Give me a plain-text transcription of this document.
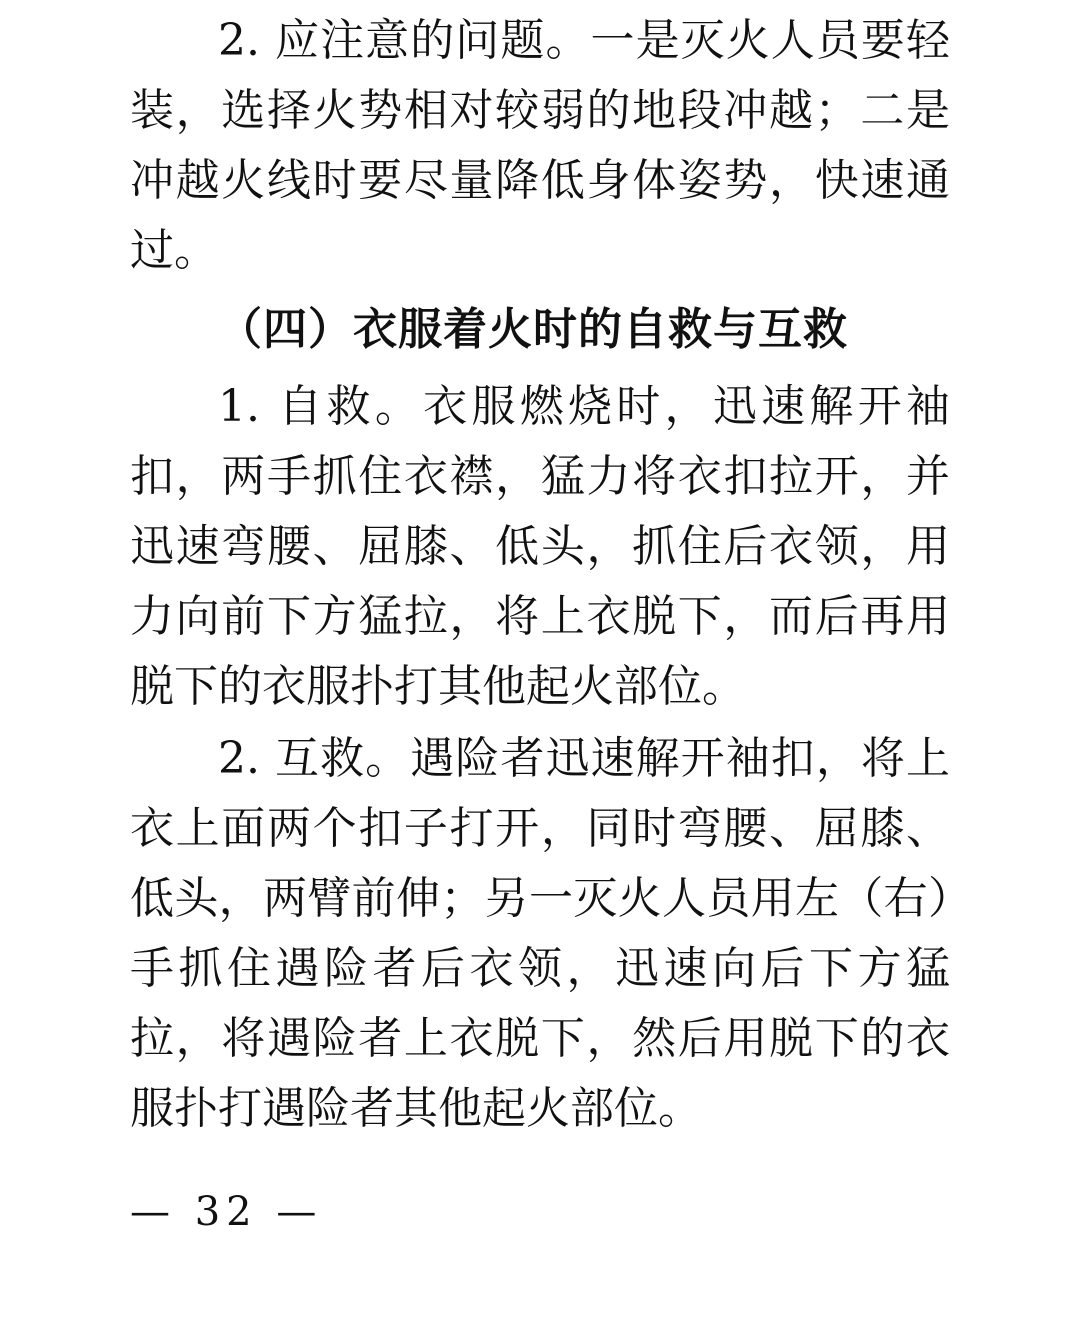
2. 应注意的问题。一是灭火人员要轻装，选择火势相对较弱的地段冲越；二是冲越火线时要尽量降低身体姿势，快速通过。

（四）衣服着火时的自救与互救

1. 自救。衣服燃烧时，迅速解开袖扣，两手抓住衣襟，猛力将衣扣拉开，并迅速弯腰、屈膝、低头，抓住后衣领，用力向前下方猛拉，将上衣脱下，而后再用脱下的衣服扑打其他起火部位。

2. 互救。遇险者迅速解开袖扣，将上衣上面两个扣子打开，同时弯腰、屈膝、低头，两臂前伸；另一灭火人员用左（右）手抓住遇险者后衣领，迅速向后下方猛拉，将遇险者上衣脱下，然后用脱下的衣服扑打遇险者其他起火部位。

— 32 —
